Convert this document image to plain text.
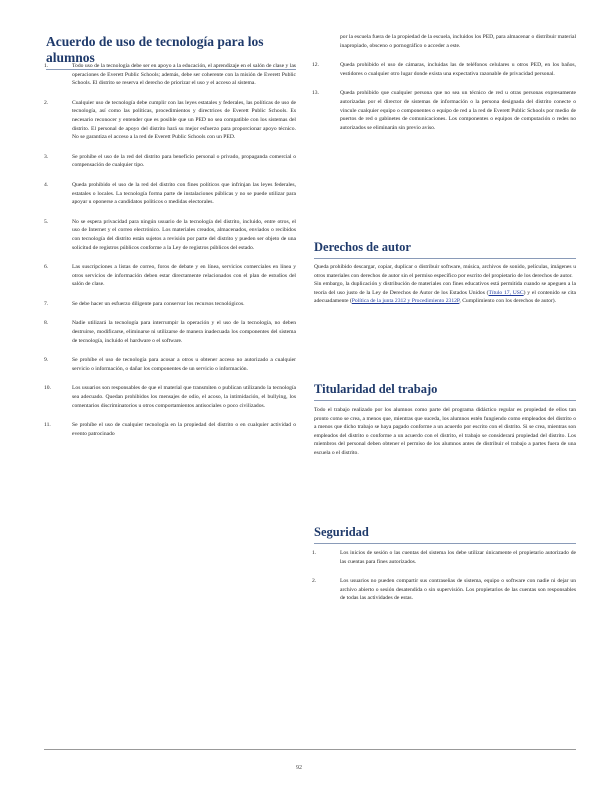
Acuerdo de uso de tecnología para los alumnos
1.	Todo uso de la tecnología debe ser en apoyo a la educación, el aprendizaje en el salón de clase y las operaciones de Everett Public Schools; además, debe ser coherente con la misión de Everett Public Schools. El distrito se reserva el derecho de priorizar el uso y el acceso al sistema.
2.	Cualquier uso de tecnología debe cumplir con las leyes estatales y federales, las políticas de uso de tecnología, así como las políticas, procedimientos y directrices de Everett Public Schools. Es necesario reconocer y entender que es posible que un PED no sea compatible con los sistemas del distrito. El personal de apoyo del distrito hará su mejor esfuerzo para proporcionar apoyo técnico. No se garantiza el acceso a la red de Everett Public Schools con un PED.
3.	Se prohíbe el uso de la red del distrito para beneficio personal o privado, propaganda comercial o compensación de cualquier tipo.
4.	Queda prohibido el uso de la red del distrito con fines políticos que infrinjan las leyes federales, estatales o locales. La tecnología forma parte de instalaciones públicas y no se puede utilizar para apoyar u oponerse a candidatos políticos o medidas electorales.
5.	No se espera privacidad para ningún usuario de la tecnología del distrito, incluido, entre otros, el uso de Internet y el correo electrónico. Los materiales creados, almacenados, enviados o recibidos con tecnología del distrito están sujetos a revisión por parte del distrito y pueden ser objeto de una solicitud de registros públicos conforme a la Ley de registros públicos del estado.
6.	Las suscripciones a listas de correo, foros de debate y en línea, servicios comerciales en línea y otros servicios de información deben estar directamente relacionados con el plan de estudios del salón de clase.
7.	Se debe hacer un esfuerzo diligente para conservar los recursos tecnológicos.
8.	Nadie utilizará la tecnología para interrumpir la operación y el uso de la tecnología, no deben destruirse, modificarse, eliminarse ni utilizarse de manera inadecuada los componentes del sistema de tecnología, incluido el hardware o el software.
9.	Se prohíbe el uso de tecnología para acosar a otros u obtener acceso no autorizado a cualquier servicio o información, o dañar los componentes de un servicio o información.
10.	Los usuarios son responsables de que el material que transmiten o publican utilizando la tecnología sea adecuado. Quedan prohibidos los mensajes de odio, el acoso, la intimidación, el bullying, los comentarios discriminatorios u otros comportamientos antisociales o poco civilizados.
11.	Se prohíbe el uso de cualquier tecnología en la propiedad del distrito o en cualquier actividad o evento patrocinado
por la escuela fuera de la propiedad de la escuela, incluidos los PED, para almacenar o distribuir material inapropiado, obsceno o pornográfico o acceder a este.
12.	Queda prohibido el uso de cámaras, incluidas las de teléfonos celulares u otros PED, en los baños, vestidores o cualquier otro lugar donde exista una expectativa razonable de privacidad personal.
13.	Queda prohibido que cualquier persona que no sea un técnico de red u otras personas expresamente autorizadas por el director de sistemas de información o la persona designada del distrito conecte o vincule cualquier equipo o componentes o equipo de red a la red de Everett Public Schools por medio de puertos de red o gabinetes de comunicaciones. Los componentes o equipos de computación o redes no autorizados se eliminarán sin previo aviso.
Derechos de autor

Queda prohibido descargar, copiar, duplicar o distribuir software, música, archivos de sonido, películas, imágenes u otros materiales con derechos de autor sin el permiso específico por escrito del propietario de los derechos de autor.

Sin embargo, la duplicación y distribución de materiales con fines educativos está permitida cuando se apeguen a la teoría del uso justo de la Ley de Derechos de Autor de los Estados Unidos (Título 17, USC) y el contenido se cita adecuadamente (Política de la junta 2312 y Procedimiento 2312P, Cumplimiento con los derechos de autor).

Titularidad del trabajo

Todo el trabajo realizado por los alumnos como parte del programa didáctico regular es propiedad de ellos tan pronto como se crea, a menos que, mientras que suceda, los alumnos estén fungiendo como empleados del distrito o a menos que dicho trabajo se haya pagado conforme a un acuerdo por escrito con el distrito. Si se crea, mientras son empleados del distrito o conforme a un acuerdo con el distrito, el trabajo se considerará propiedad del distrito. Los miembros del personal deben obtener el permiso de los alumnos antes de distribuir el trabajo a partes fuera de una escuela o el distrito.

Seguridad
1.	Los inicios de sesión o las cuentas del sistema los debe utilizar únicamente el propietario autorizado de las cuentas para fines autorizados.
2.	Los usuarios no pueden compartir sus contraseñas de sistema, equipo o software con nadie ni dejar un archivo abierto o sesión desatendida o sin supervisión. Los propietarios de las cuentas son responsables de todas las actividades de estas.
92
